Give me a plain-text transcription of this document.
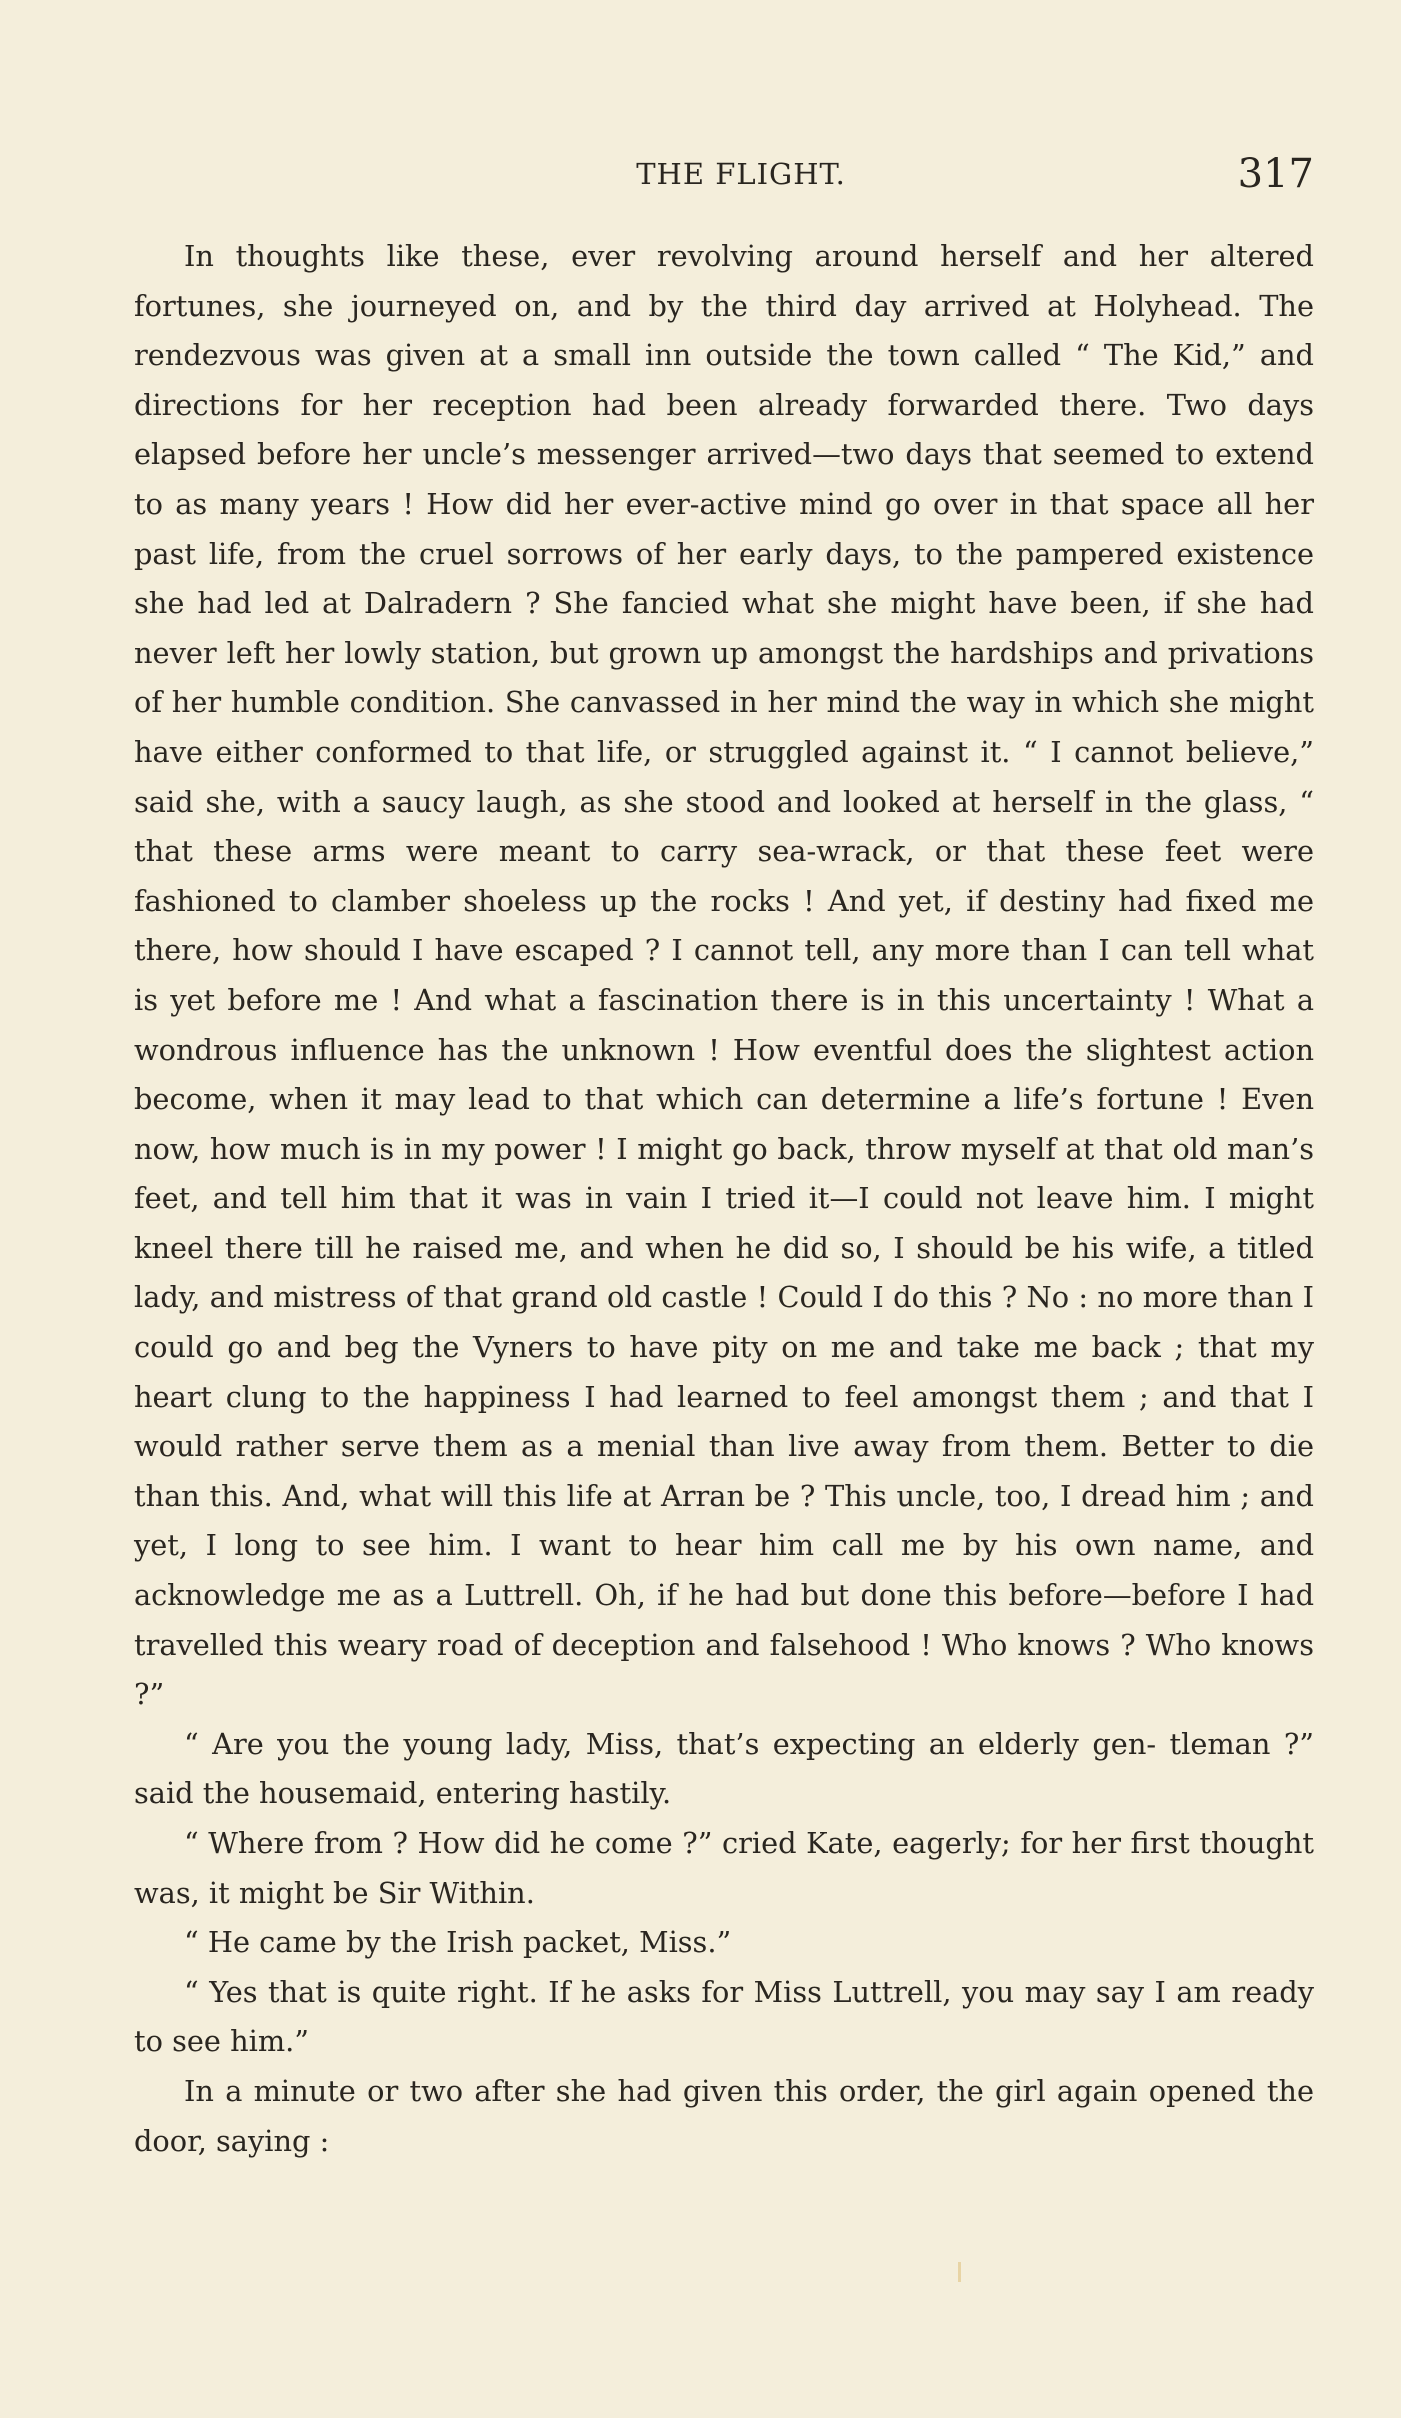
THE FLIGHT.	317

In thoughts like these, ever revolving around herself and her altered fortunes, she journeyed on, and by the third day arrived at Holyhead. The rendezvous was given at a small inn outside the town called “ The Kid,” and directions for her reception had been already forwarded there. Two days elapsed before her uncle’s messenger arrived—two days that seemed to extend to as many years ! How did her ever-active mind go over in that space all her past life, from the cruel sorrows of her early days, to the pampered existence she had led at Dalradern ? She fancied what she might have been, if she had never left her lowly station, but grown up amongst the hardships and privations of her humble condition. She canvassed in her mind the way in which she might have either conformed to that life, or struggled against it. “ I cannot believe,” said she, with a saucy laugh, as she stood and looked at herself in the glass, “ that these arms were meant to carry sea-wrack, or that these feet were fashioned to clamber shoeless up the rocks ! And yet, if destiny had fixed me there, how should I have escaped ? I cannot tell, any more than I can tell what is yet before me ! And what a fascination there is in this uncertainty ! What a wondrous influence has the unknown ! How eventful does the slightest action become, when it may lead to that which can determine a life’s fortune ! Even now, how much is in my power ! I might go back, throw myself at that old man’s feet, and tell him that it was in vain I tried it—I could not leave him. I might kneel there till he raised me, and when he did so, I should be his wife, a titled lady, and mistress of that grand old castle ! Could I do this ? No : no more than I could go and beg the Vyners to have pity on me and take me back ; that my heart clung to the happiness I had learned to feel amongst them ; and that I would rather serve them as a menial than live away from them. Better to die than this. And, what will this life at Arran be ? This uncle, too, I dread him ; and yet, I long to see him. I want to hear him call me by his own name, and acknowledge me as a Luttrell. Oh, if he had but done this before—before I had travelled this weary road of deception and falsehood ! Who knows ? Who knows ?”

“ Are you the young lady, Miss, that’s expecting an elderly gen- tleman ?” said the housemaid, entering hastily.

“ Where from ? How did he come ?” cried Kate, eagerly; for her first thought was, it might be Sir Within.

“ He came by the Irish packet, Miss.”

“ Yes that is quite right. If he asks for Miss Luttrell, you may say I am ready to see him.”

In a minute or two after she had given this order, the girl again opened the door, saying :
